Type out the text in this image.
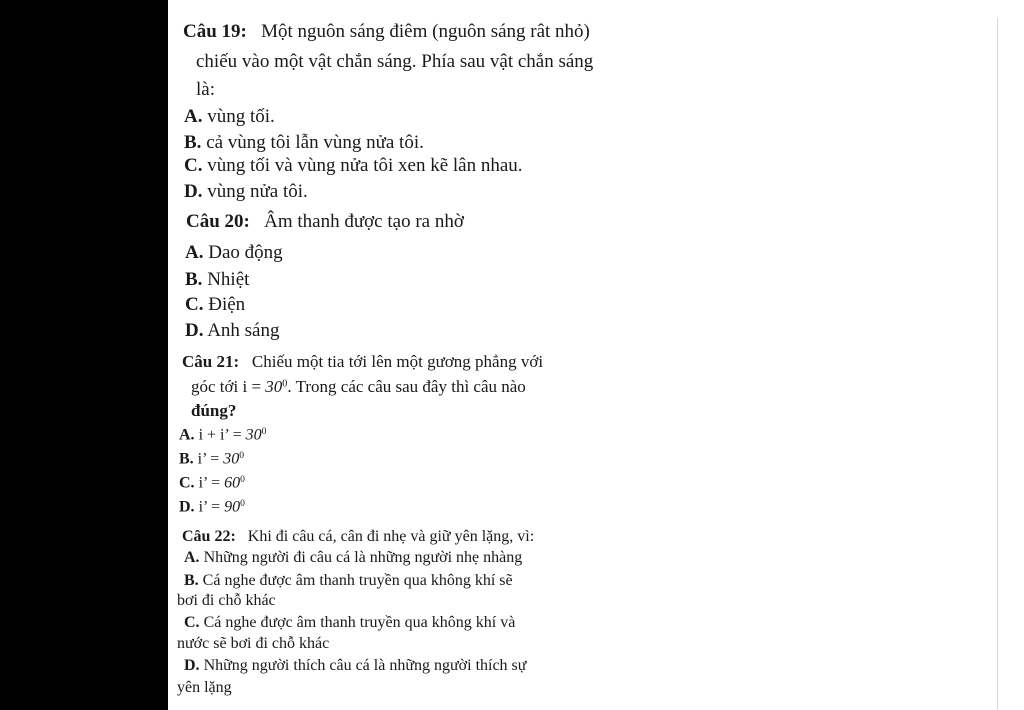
Câu 19: Một nguôn sáng điêm (nguôn sáng rât nhỏ)
chiếu vào một vật chắn sáng. Phía sau vật chắn sáng
là:
A. vùng tối.
B. cả vùng tôi lẫn vùng nửa tôi.
C. vùng tối và vùng nửa tôi xen kẽ lân nhau.
D. vùng nửa tôi.
Câu 20: Âm thanh được tạo ra nhờ
A. Dao động
B. Nhiệt
C. Điện
D. Anh sáng
Câu 21: Chiếu một tia tới lên một gương phẳng với
góc tới $i = 30^0$. Trong các câu sau đây thì câu nào
đúng?
A. i + i’ = $30^0$
B. i’ = $30^0$
C. i’ = $60^0$
D. i’ = $90^0$
Câu 22: Khi đi câu cá, cân đi nhẹ và giữ yên lặng, vì:
A. Những người đi câu cá là những người nhẹ nhàng
B. Cá nghe được âm thanh truyền qua không khí sẽ
bơi đi chỗ khác
C. Cá nghe được âm thanh truyền qua không khí và
nước sẽ bơi đi chỗ khác
D. Những người thích câu cá là những người thích sự
yên lặng
